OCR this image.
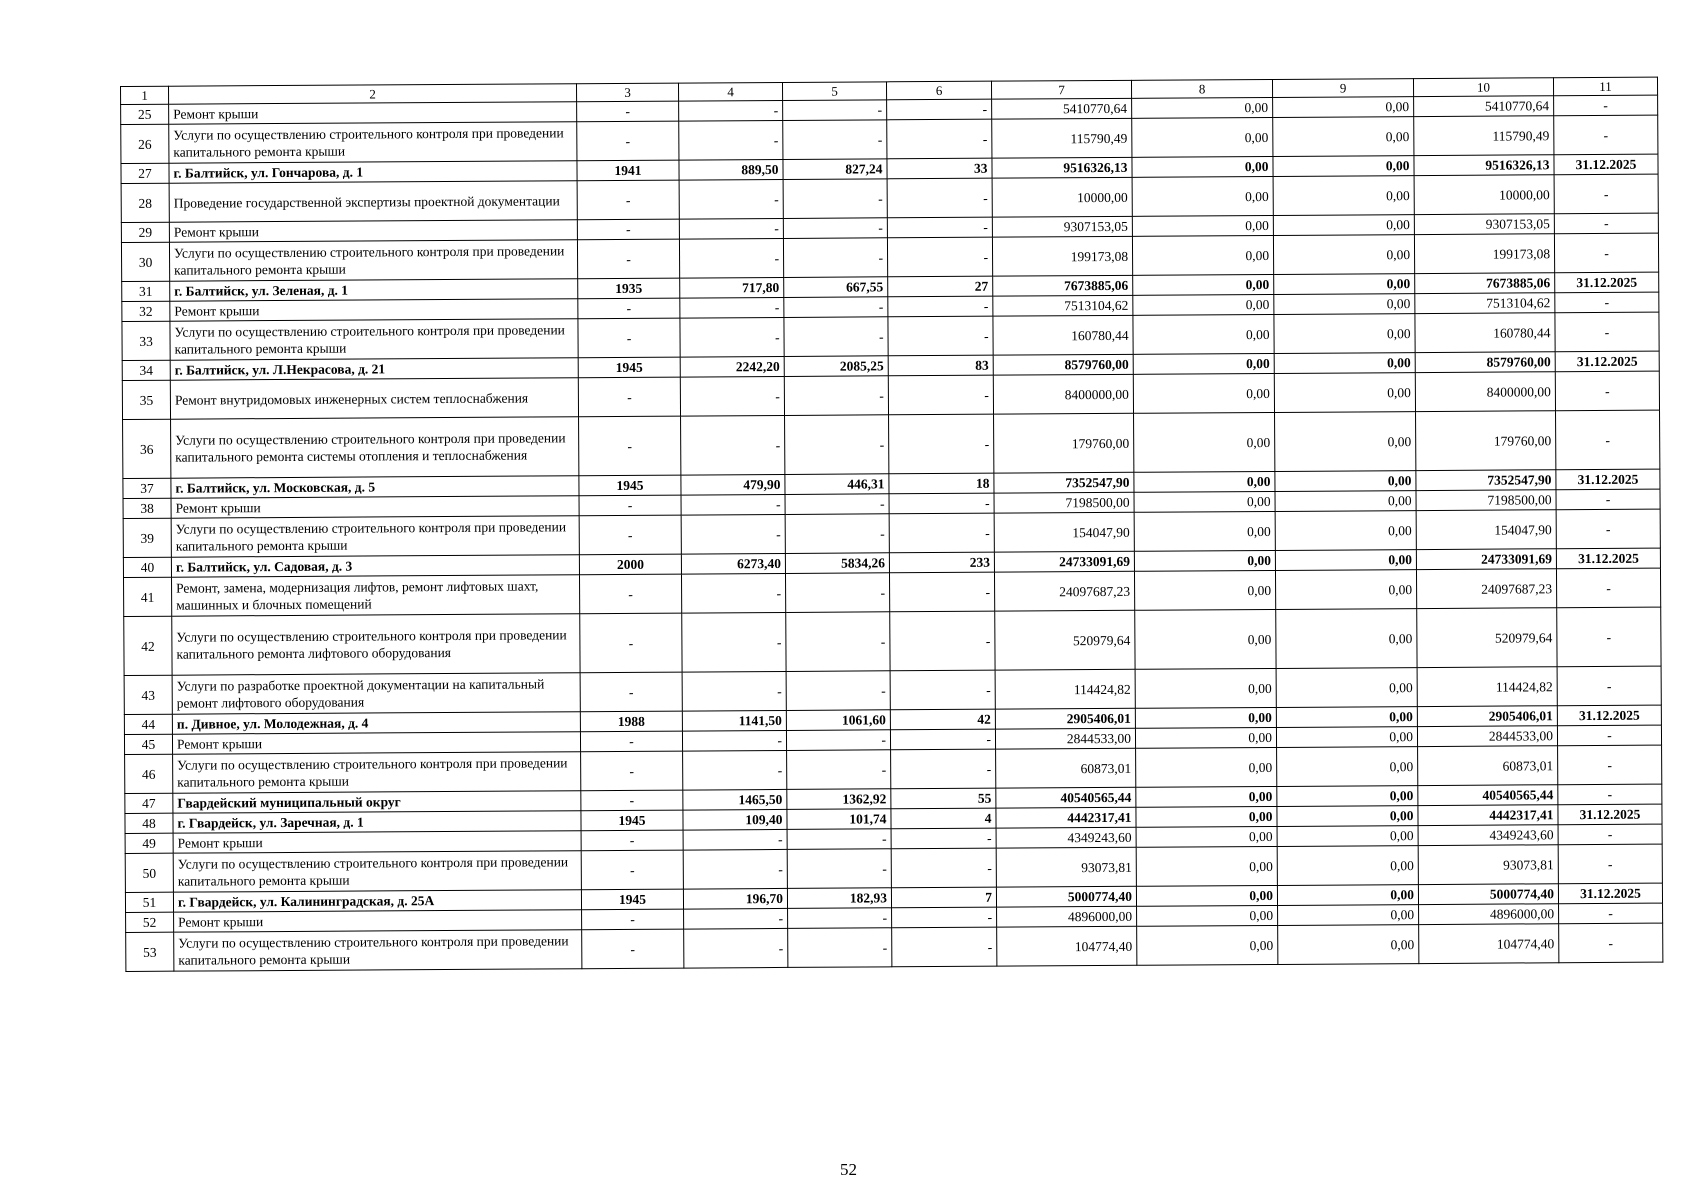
1	2	3	4	5	6	7	8	9	10	11
25	Ремонт крыши	-	-	-	-	5410770,64	0,00	0,00	5410770,64	-
26	Услуги по осуществлению строительного контроля при проведении капитального ремонта крыши	-	-	-	-	115790,49	0,00	0,00	115790,49	-
27	г. Балтийск, ул. Гончарова, д. 1	1941	889,50	827,24	33	9516326,13	0,00	0,00	9516326,13	31.12.2025
28	Проведение государственной экспертизы проектной документации	-	-	-	-	10000,00	0,00	0,00	10000,00	-
29	Ремонт крыши	-	-	-	-	9307153,05	0,00	0,00	9307153,05	-
30	Услуги по осуществлению строительного контроля при проведении капитального ремонта крыши	-	-	-	-	199173,08	0,00	0,00	199173,08	-
31	г. Балтийск, ул. Зеленая, д. 1	1935	717,80	667,55	27	7673885,06	0,00	0,00	7673885,06	31.12.2025
32	Ремонт крыши	-	-	-	-	7513104,62	0,00	0,00	7513104,62	-
33	Услуги по осуществлению строительного контроля при проведении капитального ремонта крыши	-	-	-	-	160780,44	0,00	0,00	160780,44	-
34	г. Балтийск, ул. Л.Некрасова, д. 21	1945	2242,20	2085,25	83	8579760,00	0,00	0,00	8579760,00	31.12.2025
35	Ремонт внутридомовых инженерных систем теплоснабжения	-	-	-	-	8400000,00	0,00	0,00	8400000,00	-
36	Услуги по осуществлению строительного контроля при проведении капитального ремонта системы отопления и теплоснабжения	-	-	-	-	179760,00	0,00	0,00	179760,00	-
37	г. Балтийск, ул. Московская, д. 5	1945	479,90	446,31	18	7352547,90	0,00	0,00	7352547,90	31.12.2025
38	Ремонт крыши	-	-	-	-	7198500,00	0,00	0,00	7198500,00	-
39	Услуги по осуществлению строительного контроля при проведении капитального ремонта крыши	-	-	-	-	154047,90	0,00	0,00	154047,90	-
40	г. Балтийск, ул. Садовая, д. 3	2000	6273,40	5834,26	233	24733091,69	0,00	0,00	24733091,69	31.12.2025
41	Ремонт, замена, модернизация лифтов, ремонт лифтовых шахт, машинных и блочных помещений	-	-	-	-	24097687,23	0,00	0,00	24097687,23	-
42	Услуги по осуществлению строительного контроля при проведении капитального ремонта лифтового оборудования	-	-	-	-	520979,64	0,00	0,00	520979,64	-
43	Услуги по разработке проектной документации на капитальный ремонт лифтового оборудования	-	-	-	-	114424,82	0,00	0,00	114424,82	-
44	п. Дивное, ул. Молодежная, д. 4	1988	1141,50	1061,60	42	2905406,01	0,00	0,00	2905406,01	31.12.2025
45	Ремонт крыши	-	-	-	-	2844533,00	0,00	0,00	2844533,00	-
46	Услуги по осуществлению строительного контроля при проведении капитального ремонта крыши	-	-	-	-	60873,01	0,00	0,00	60873,01	-
47	Гвардейский муниципальный округ	-	1465,50	1362,92	55	40540565,44	0,00	0,00	40540565,44	-
48	г. Гвардейск, ул. Заречная, д. 1	1945	109,40	101,74	4	4442317,41	0,00	0,00	4442317,41	31.12.2025
49	Ремонт крыши	-	-	-	-	4349243,60	0,00	0,00	4349243,60	-
50	Услуги по осуществлению строительного контроля при проведении капитального ремонта крыши	-	-	-	-	93073,81	0,00	0,00	93073,81	-
51	г. Гвардейск, ул. Калининградская, д. 25А	1945	196,70	182,93	7	5000774,40	0,00	0,00	5000774,40	31.12.2025
52	Ремонт крыши	-	-	-	-	4896000,00	0,00	0,00	4896000,00	-
53	Услуги по осуществлению строительного контроля при проведении капитального ремонта крыши	-	-	-	-	104774,40	0,00	0,00	104774,40	-
52
